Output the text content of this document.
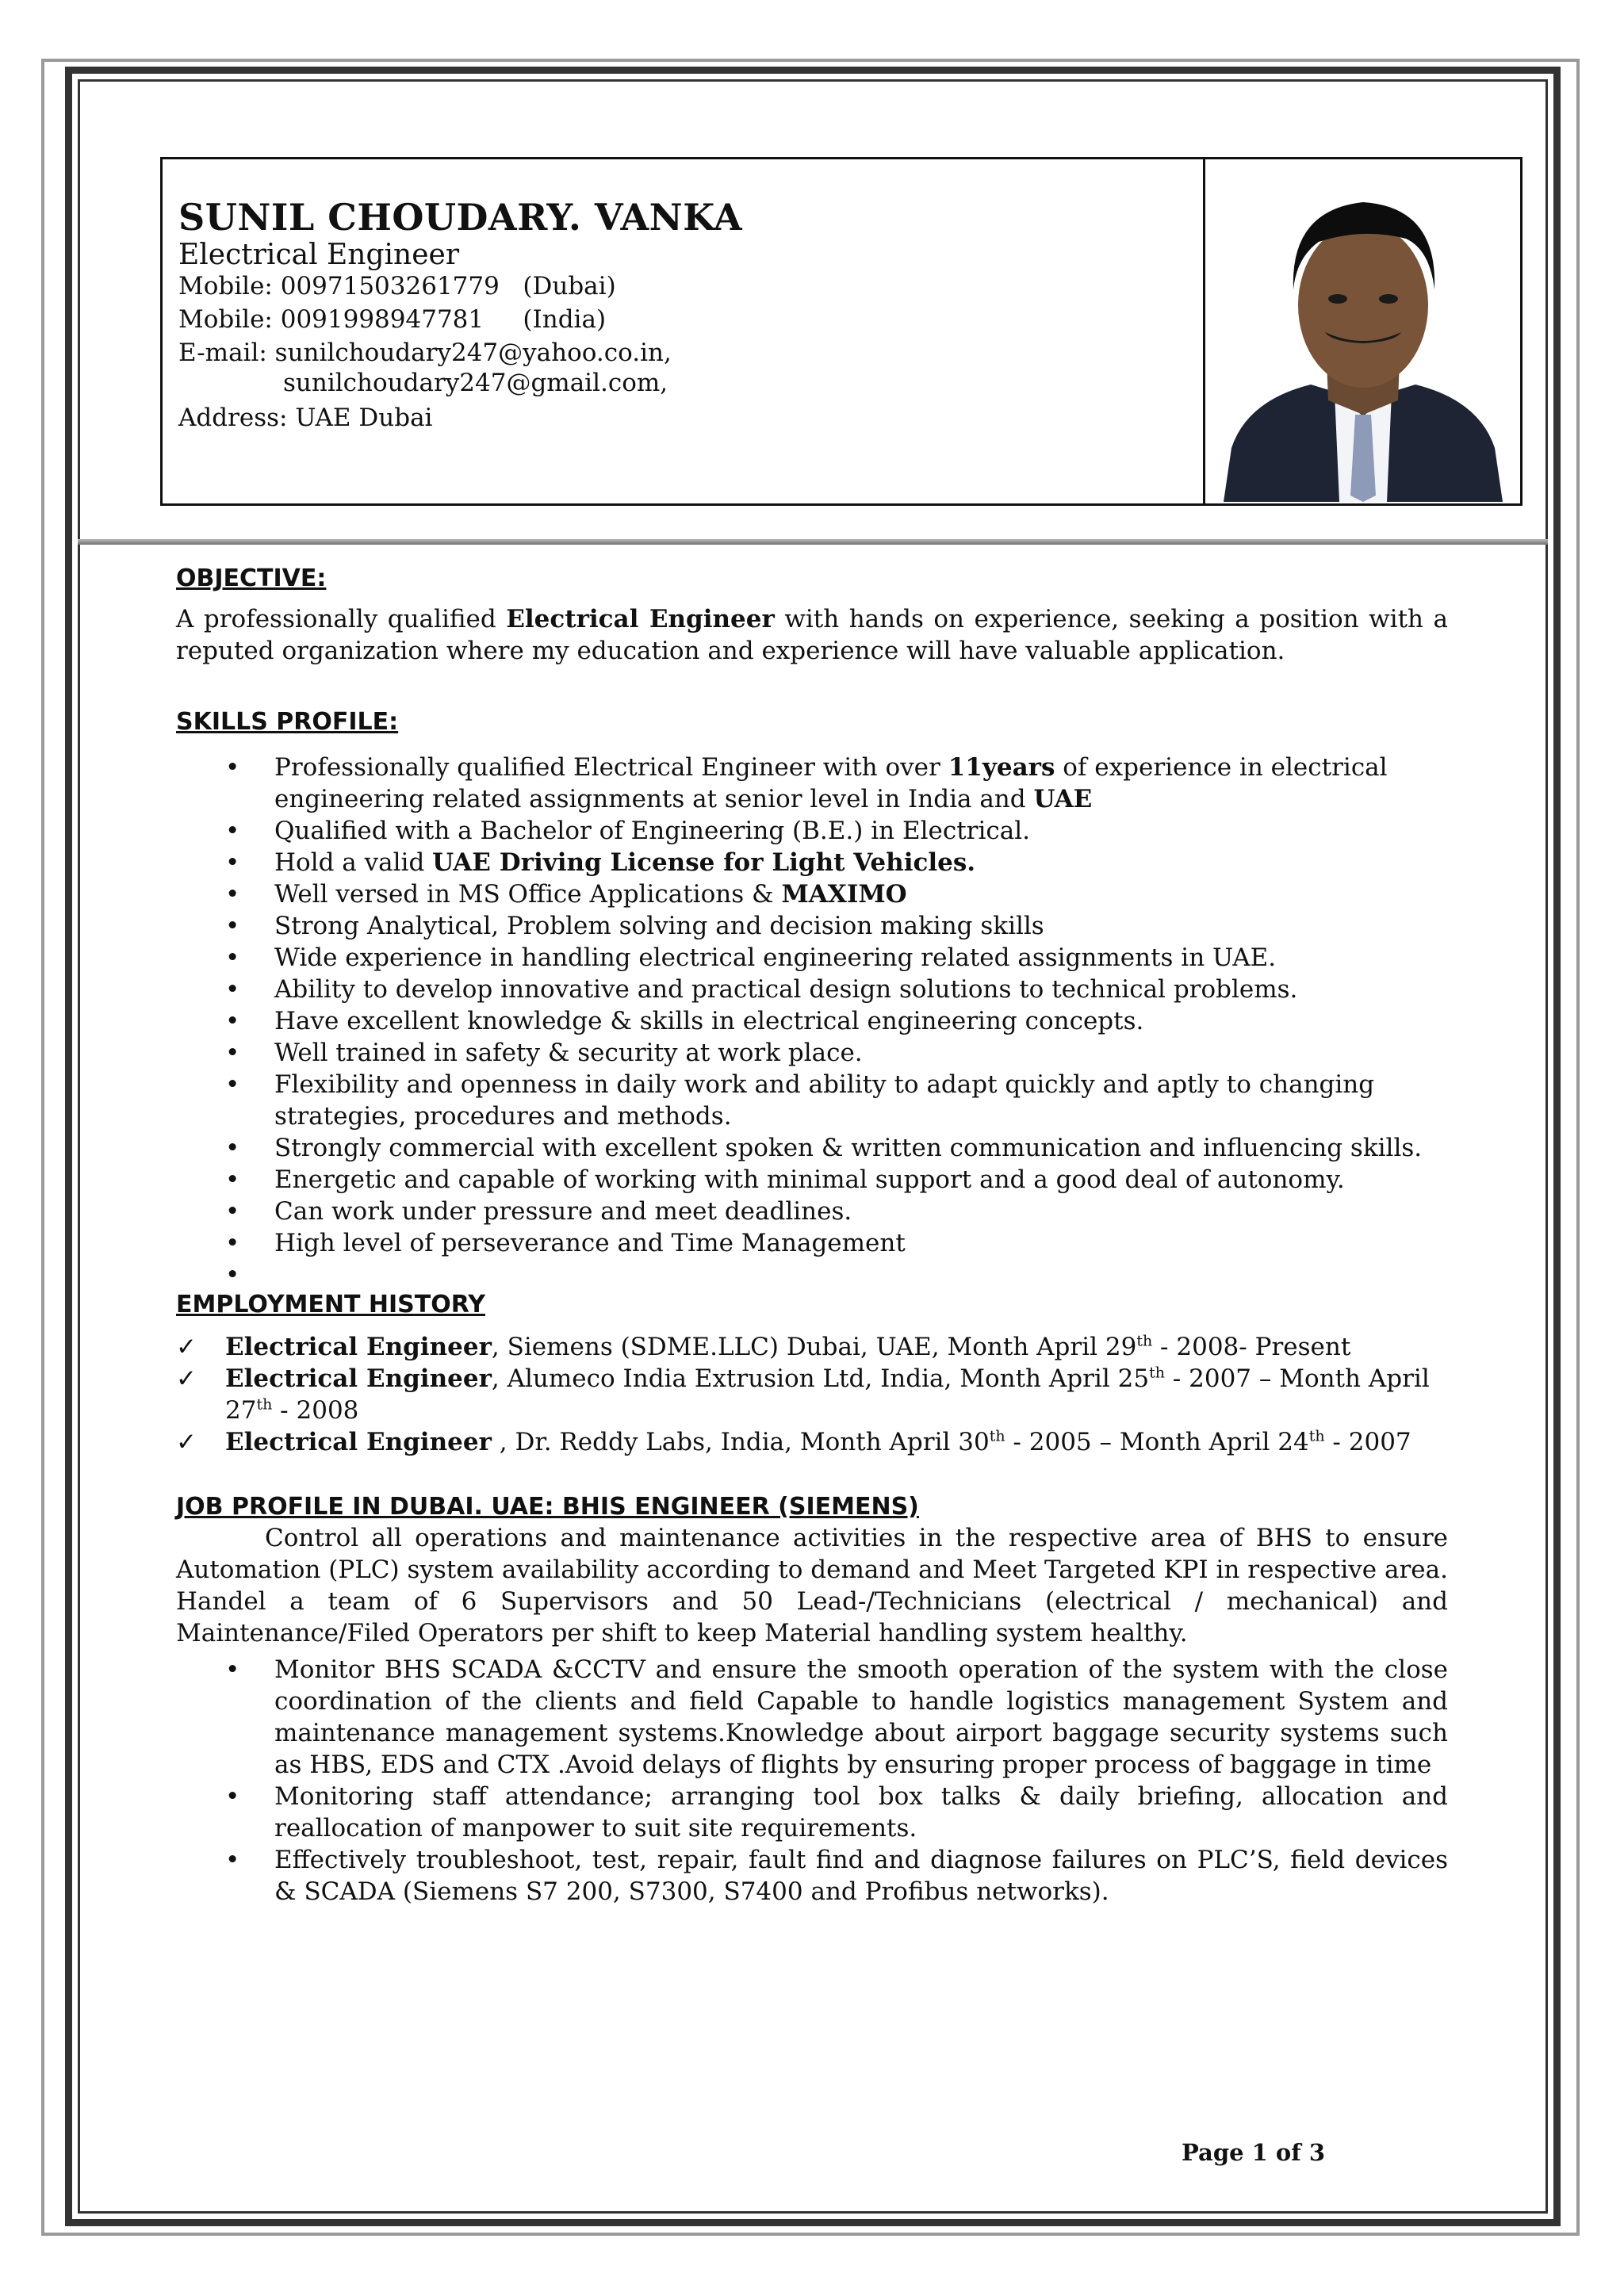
SUNIL CHOUDARY. VANKA
Electrical Engineer
Mobile: 00971503261779   (Dubai)
Mobile: 0091998947781     (India)
E-mail: sunilchoudary247@yahoo.co.in,
sunilchoudary247@gmail.com,
Address: UAE Dubai
OBJECTIVE:
A professionally qualified Electrical Engineer with hands on experience, seeking a position with a reputed organization where my education and experience will have valuable application.
SKILLS PROFILE:
• Professionally qualified Electrical Engineer with over 11years of experience in electrical engineering related assignments at senior level in India and UAE
• Qualified with a Bachelor of Engineering (B.E.) in Electrical.
• Hold a valid UAE Driving License for Light Vehicles.
• Well versed in MS Office Applications & MAXIMO
• Strong Analytical, Problem solving and decision making skills
• Wide experience in handling electrical engineering related assignments in UAE.
• Ability to develop innovative and practical design solutions to technical problems.
• Have excellent knowledge & skills in electrical engineering concepts.
• Well trained in safety & security at work place.
• Flexibility and openness in daily work and ability to adapt quickly and aptly to changing strategies, procedures and methods.
• Strongly commercial with excellent spoken & written communication and influencing skills.
• Energetic and capable of working with minimal support and a good deal of autonomy.
• Can work under pressure and meet deadlines.
• High level of perseverance and Time Management
•

EMPLOYMENT HISTORY
✓ Electrical Engineer, Siemens (SDME.LLC) Dubai, UAE, Month April 29th - 2008- Present
✓ Electrical Engineer, Alumeco India Extrusion Ltd, India, Month April 25th - 2007 – Month April 27th - 2008
✓ Electrical Engineer , Dr. Reddy Labs, India, Month April 30th - 2005 – Month April 24th - 2007
JOB PROFILE IN DUBAI. UAE: BHIS ENGINEER (SIEMENS)
Control all operations and maintenance activities in the respective area of BHS to ensure Automation (PLC) system availability according to demand and Meet Targeted KPI in respective area. Handel a team of 6 Supervisors and 50 Lead-/Technicians (electrical / mechanical) and Maintenance/Filed Operators per shift to keep Material handling system healthy.
• Monitor BHS SCADA &CCTV and ensure the smooth operation of the system with the close coordination of the clients and field Capable to handle logistics management System and maintenance management systems.Knowledge about airport baggage security systems such as HBS, EDS and CTX .Avoid delays of flights by ensuring proper process of baggage in time
• Monitoring staff attendance; arranging tool box talks & daily briefing, allocation and reallocation of manpower to suit site requirements.
• Effectively troubleshoot, test, repair, fault find and diagnose failures on PLC’S, field devices & SCADA (Siemens S7 200, S7300, S7400 and Profibus networks).
Page 1 of 3
